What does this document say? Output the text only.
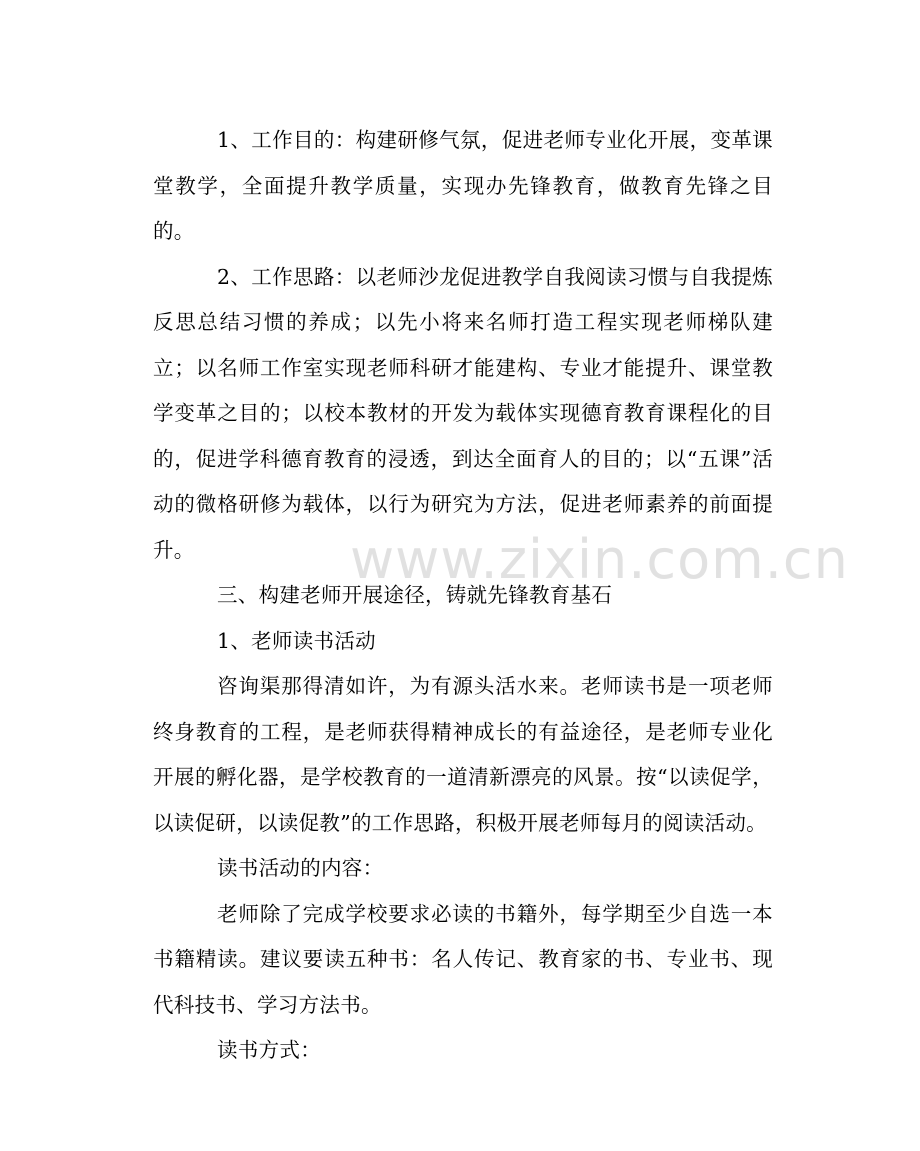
1、工作目的：构建研修气氛，促进老师专业化开展，变革课堂教学，全面提升教学质量，实现办先锋教育，做教育先锋之目的。

2、工作思路：以老师沙龙促进教学自我阅读习惯与自我提炼反思总结习惯的养成；以先小将来名师打造工程实现老师梯队建立；以名师工作室实现老师科研才能建构、专业才能提升、课堂教学变革之目的；以校本教材的开发为载体实现德育教育课程化的目的，促进学科德育教育的浸透，到达全面育人的目的；以“五课”活动的微格研修为载体，以行为研究为方法，促进老师素养的前面提升。

三、构建老师开展途径，铸就先锋教育基石

1、老师读书活动

咨询渠那得清如许，为有源头活水来。老师读书是一项老师终身教育的工程，是老师获得精神成长的有益途径，是老师专业化开展的孵化器，是学校教育的一道清新漂亮的风景。按“以读促学，以读促研，以读促教”的工作思路，积极开展老师每月的阅读活动。

读书活动的内容：

老师除了完成学校要求必读的书籍外，每学期至少自选一本书籍精读。建议要读五种书：名人传记、教育家的书、专业书、现代科技书、学习方法书。

读书方式：

www.zixin.com.cn
